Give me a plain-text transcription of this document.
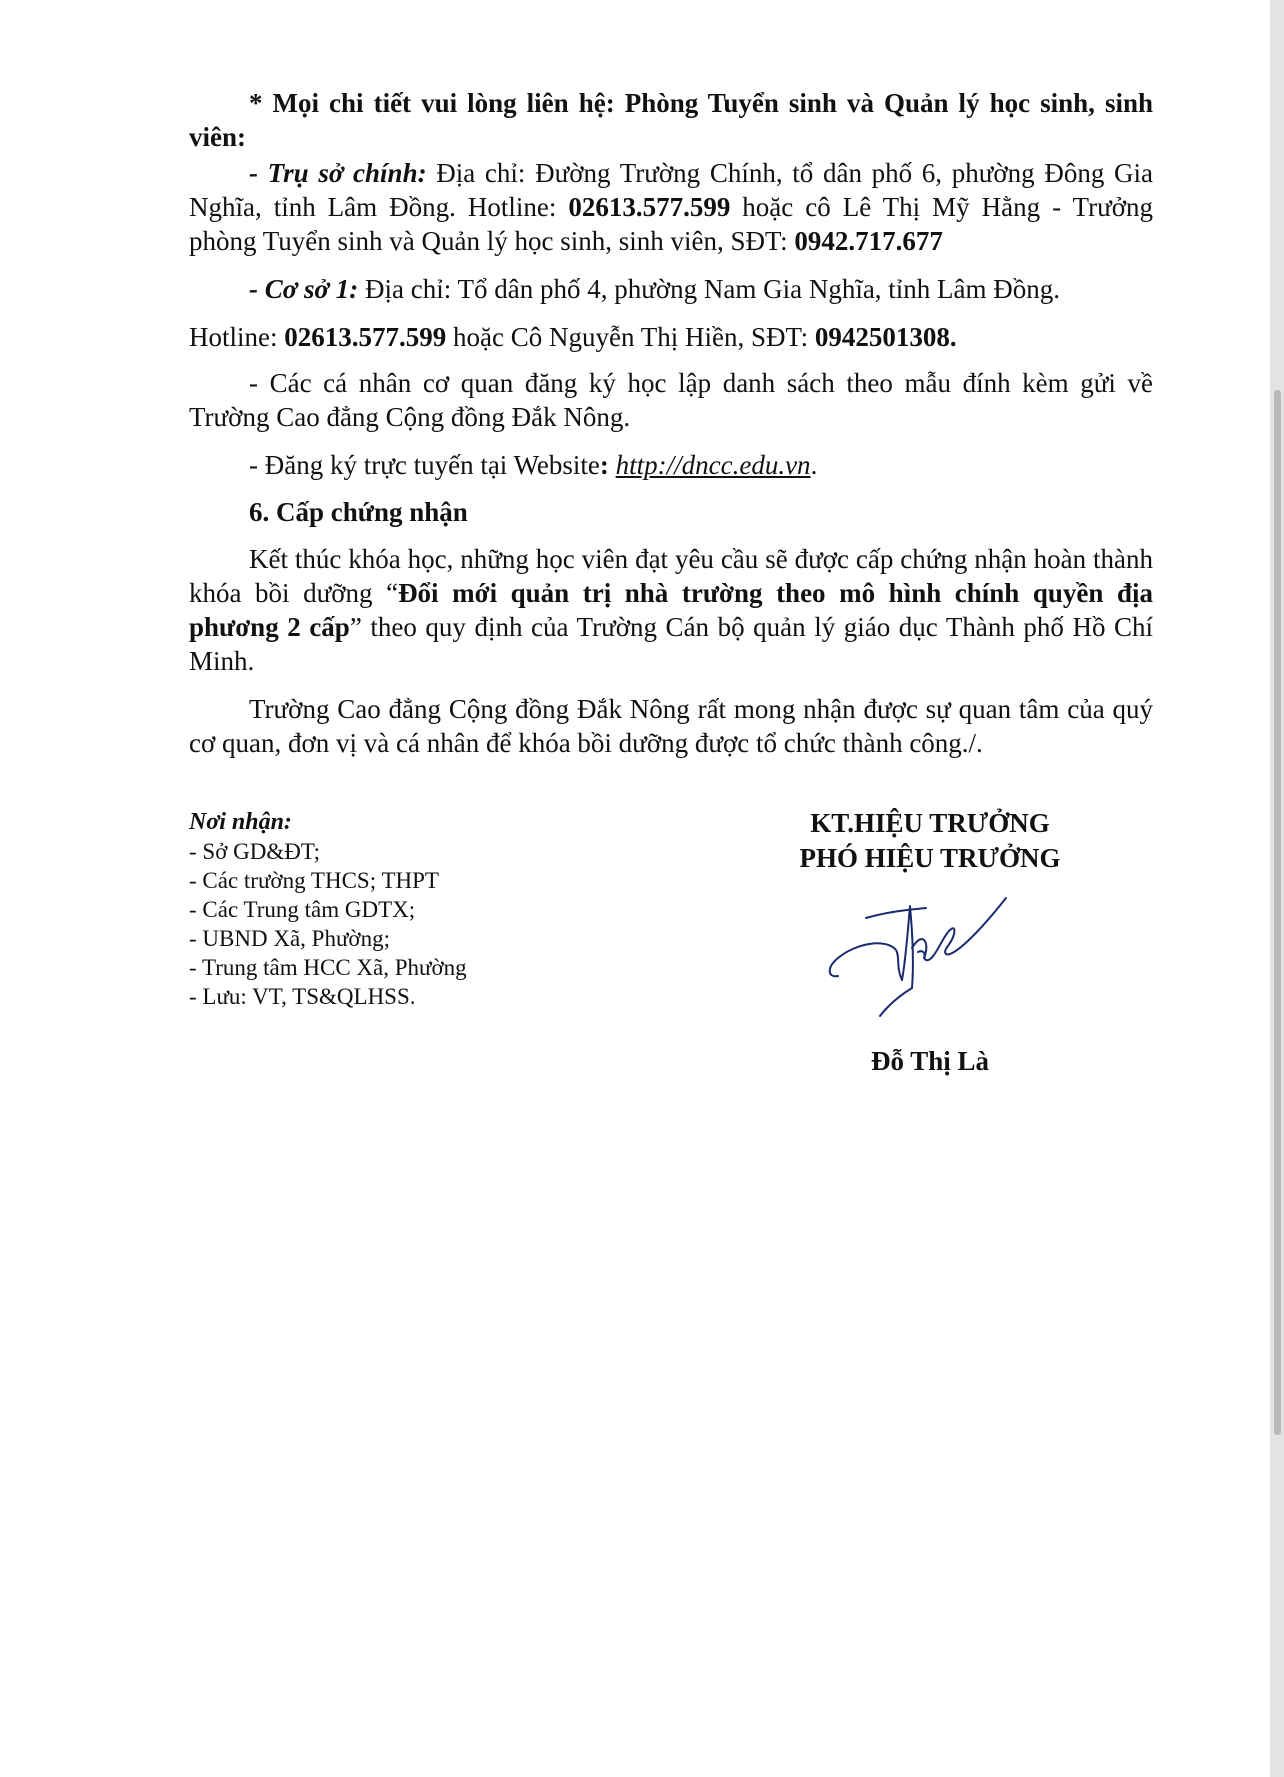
* Mọi chi tiết vui lòng liên hệ: Phòng Tuyển sinh và Quản lý học sinh, sinh viên:

- Trụ sở chính: Địa chỉ: Đường Trường Chính, tổ dân phố 6, phường Đông Gia Nghĩa, tỉnh Lâm Đồng. Hotline: 02613.577.599 hoặc cô Lê Thị Mỹ Hằng - Trưởng phòng Tuyển sinh và Quản lý học sinh, sinh viên, SĐT: 0942.717.677

- Cơ sở 1: Địa chỉ: Tổ dân phố 4, phường Nam Gia Nghĩa, tỉnh Lâm Đồng.

Hotline: 02613.577.599 hoặc Cô Nguyễn Thị Hiền, SĐT: 0942501308.

- Các cá nhân cơ quan đăng ký học lập danh sách theo mẫu đính kèm gửi về Trường Cao đẳng Cộng đồng Đắk Nông.

- Đăng ký trực tuyến tại Website: http://dncc.edu.vn.

6. Cấp chứng nhận

Kết thúc khóa học, những học viên đạt yêu cầu sẽ được cấp chứng nhận hoàn thành khóa bồi dưỡng “Đổi mới quản trị nhà trường theo mô hình chính quyền địa phương 2 cấp” theo quy định của Trường Cán bộ quản lý giáo dục Thành phố Hồ Chí Minh.

Trường Cao đẳng Cộng đồng Đắk Nông rất mong nhận được sự quan tâm của quý cơ quan, đơn vị và cá nhân để khóa bồi dưỡng được tổ chức thành công./.

Nơi nhận:
- Sở GD&ĐT;
- Các trường THCS; THPT
- Các Trung tâm GDTX;
- UBND Xã, Phường;
- Trung tâm HCC Xã, Phường
- Lưu: VT, TS&QLHSS.
KT.HIỆU TRƯỞNG
PHÓ HIỆU TRƯỞNG
Đỗ Thị Là
